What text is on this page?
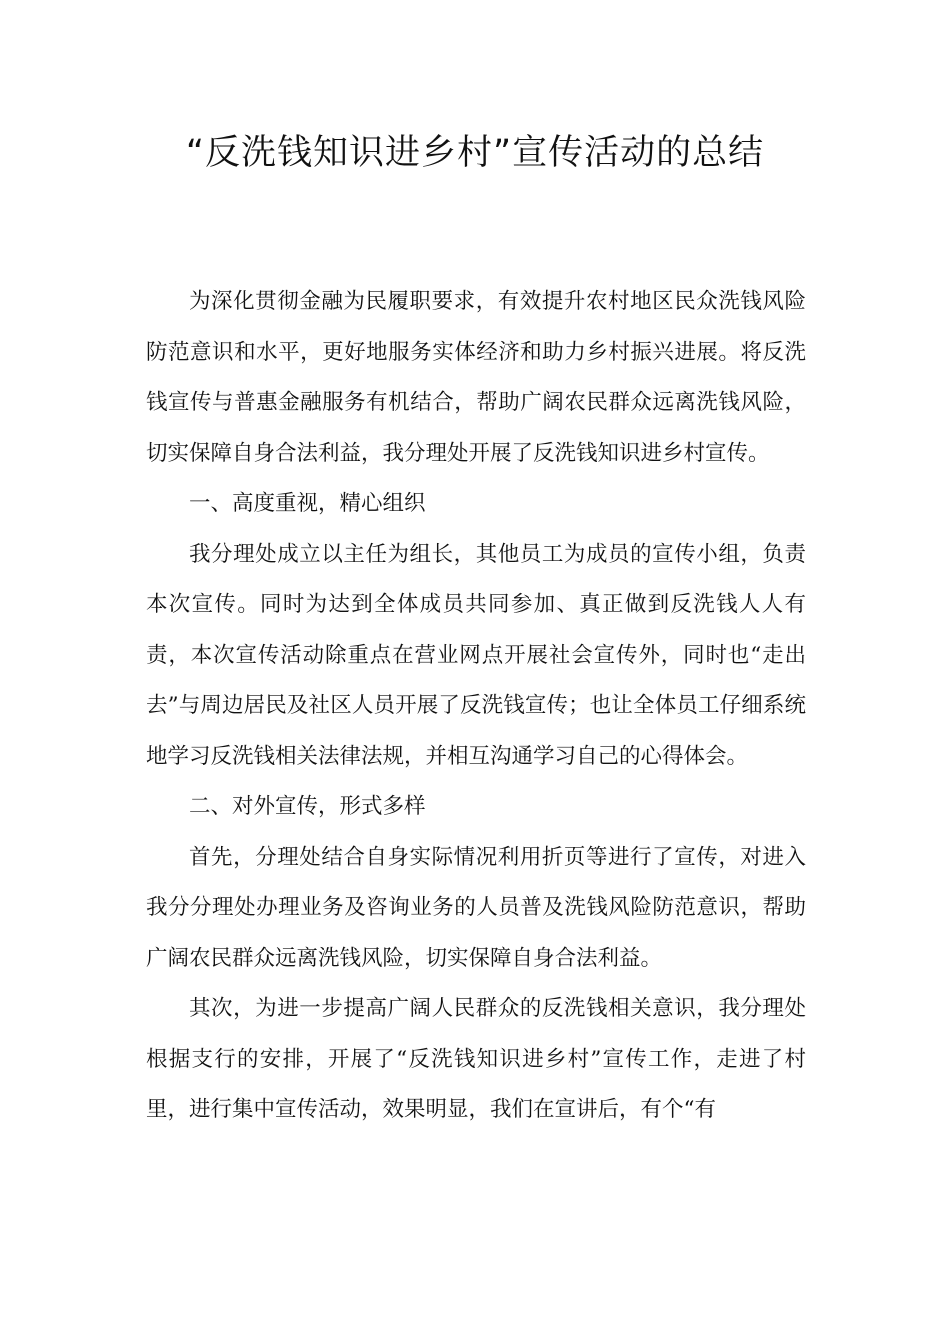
“反洗钱知识进乡村”宣传活动的总结

为深化贯彻金融为民履职要求，有效提升农村地区民众洗钱风险防范意识和水平，更好地服务实体经济和助力乡村振兴进展。将反洗钱宣传与普惠金融服务有机结合，帮助广阔农民群众远离洗钱风险，切实保障自身合法利益，我分理处开展了反洗钱知识进乡村宣传。

一、高度重视，精心组织

我分理处成立以主任为组长，其他员工为成员的宣传小组，负责本次宣传。同时为达到全体成员共同参加、真正做到反洗钱人人有责，本次宣传活动除重点在营业网点开展社会宣传外，同时也“走出去”与周边居民及社区人员开展了反洗钱宣传；也让全体员工仔细系统地学习反洗钱相关法律法规，并相互沟通学习自己的心得体会。

二、对外宣传，形式多样

首先，分理处结合自身实际情况利用折页等进行了宣传，对进入我分分理处办理业务及咨询业务的人员普及洗钱风险防范意识，帮助广阔农民群众远离洗钱风险，切实保障自身合法利益。

其次，为进一步提高广阔人民群众的反洗钱相关意识，我分理处根据支行的安排，开展了“反洗钱知识进乡村”宣传工作，走进了村里，进行集中宣传活动，效果明显，我们在宣讲后，有个“有
